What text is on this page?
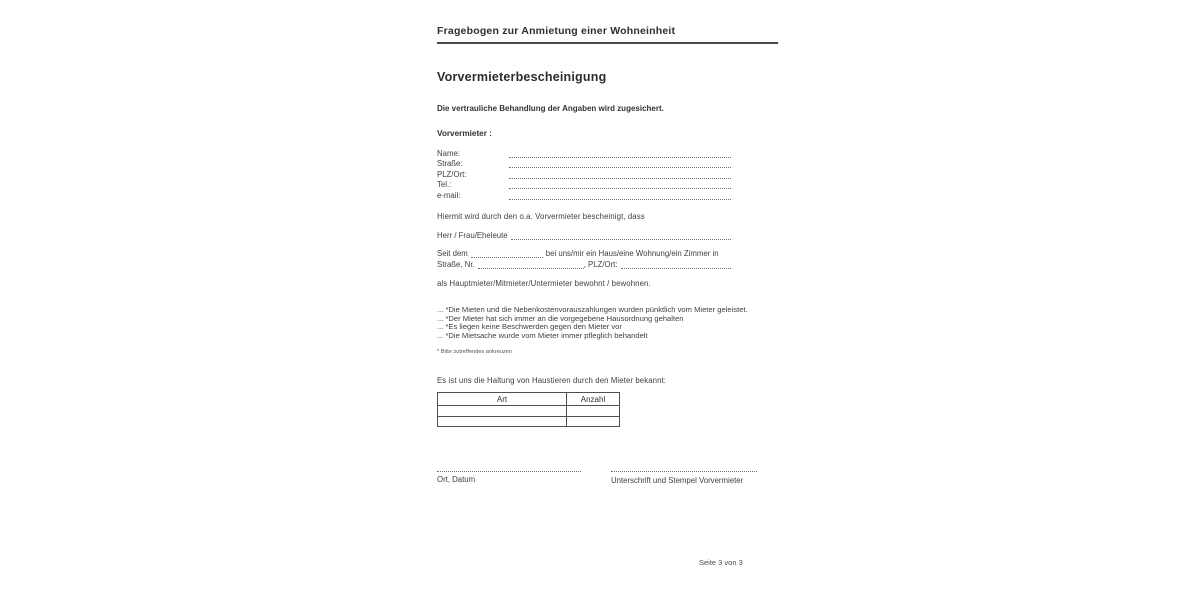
Fragebogen zur Anmietung einer Wohneinheit
Vorvermieterbescheinigung
Die vertrauliche Behandlung der Angaben wird zugesichert.
Vorvermieter :
Name:
Straße:
PLZ/Ort:
Tel.:
e-mail:
Hiermit wird durch den o.a. Vorvermieter bescheinigt, dass
Herr / Frau/Eheleute
Seit dem	bei uns/mir ein Haus/eine Wohnung/ein Zimmer in
Straße, Nr.	, PLZ/Ort:
als Hauptmieter/Mitmieter/Untermieter bewohnt / bewohnen.
... *Die Mieten und die Nebenkostenvorauszahlungen wurden pünktlich vom Mieter geleistet.
... *Der Mieter hat sich immer an die vorgegebene Hausordnung gehalten
... *Es liegen keine Beschwerden gegen den Mieter vor
... *Die Mietsache wurde vom Mieter immer pfleglich behandelt
* Bitte zutreffendes ankreuzen
Es ist uns die Haltung von Haustieren durch den Mieter bekannt:
Art	Anzahl

Ort, Datum	Unterschrift und Stempel Vorvermieter
Seite 3 von 3
